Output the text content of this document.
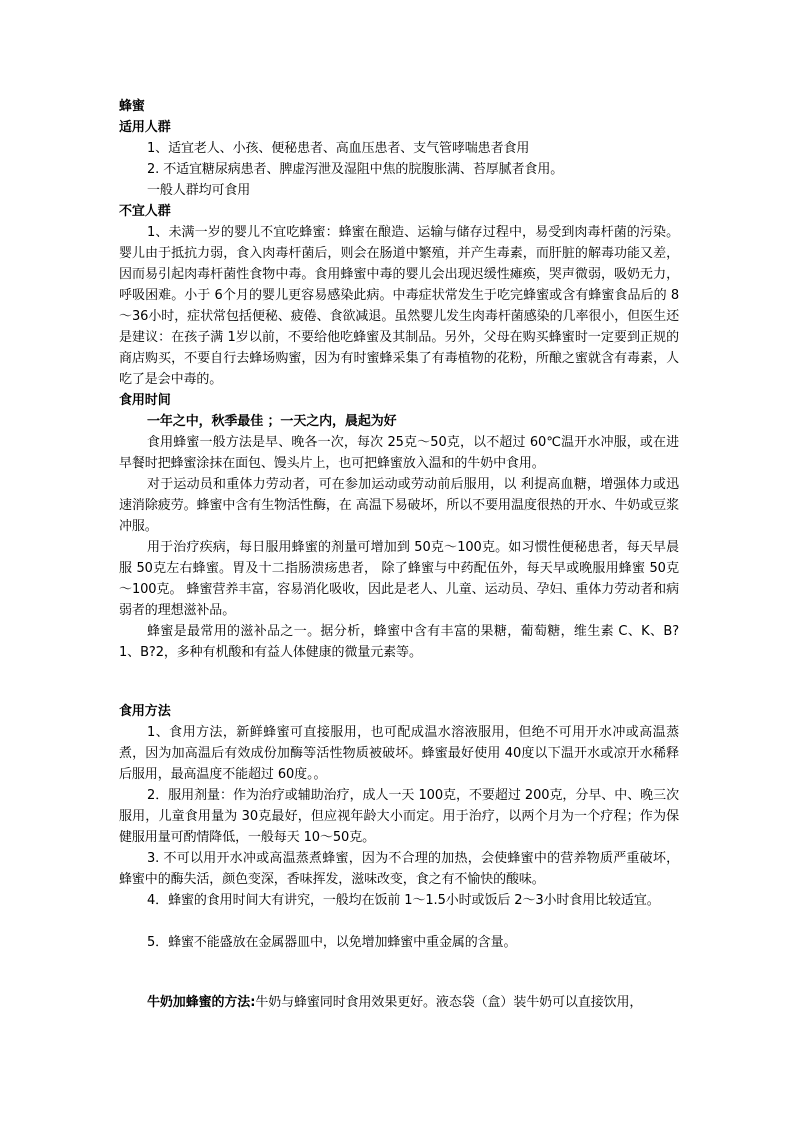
蜂蜜
适用人群
1、适宜老人、小孩、便秘患者、高血压患者、支气管哮喘患者食用
2. 不适宜糖尿病患者、脾虚泻泄及湿阻中焦的脘腹胀满、苔厚腻者食用。
一般人群均可食用
不宜人群
1、未满一岁的婴儿不宜吃蜂蜜：蜂蜜在酿造、运输与储存过程中，易受到肉毒杆菌的污染。婴儿由于抵抗力弱，食入肉毒杆菌后，则会在肠道中繁殖，并产生毒素，而肝脏的解毒功能又差，因而易引起肉毒杆菌性食物中毒。食用蜂蜜中毒的婴儿会出现迟缓性瘫痪，哭声微弱，吸奶无力，呼吸困难。小于 6个月的婴儿更容易感染此病。中毒症状常发生于吃完蜂蜜或含有蜂蜜食品后的 8～36小时，症状常包括便秘、疲倦、食欲减退。虽然婴儿发生肉毒杆菌感染的几率很小，但医生还是建议：在孩子满 1岁以前，不要给他吃蜂蜜及其制品。另外，父母在购买蜂蜜时一定要到正规的商店购买，不要自行去蜂场购蜜，因为有时蜜蜂采集了有毒植物的花粉，所酿之蜜就含有毒素，人吃了是会中毒的。
食用时间
一年之中，秋季最佳 ；一天之内，晨起为好
食用蜂蜜一般方法是早、晚各一次，每次 25克～50克，以不超过 60℃温开水冲服，或在进早餐时把蜂蜜涂抹在面包、馒头片上，也可把蜂蜜放入温和的牛奶中食用。
对于运动员和重体力劳动者，可在参加运动或劳动前后服用，以 利提高血糖，增强体力或迅速消除疲劳。蜂蜜中含有生物活性酶，在 高温下易破坏，所以不要用温度很热的开水、牛奶或豆浆冲服。
用于治疗疾病，每日服用蜂蜜的剂量可增加到 50克～100克。如习惯性便秘患者，每天早晨服 50克左右蜂蜜。胃及十二指肠溃疡患者， 除了蜂蜜与中药配伍外，每天早或晚服用蜂蜜 50克～100克。 蜂蜜营养丰富，容易消化吸收，因此是老人、儿童、运动员、孕妇、重体力劳动者和病弱者的理想滋补品。
蜂蜜是最常用的滋补品之一。据分析，蜂蜜中含有丰富的果糖，葡萄糖，维生素 C、K、B?1、B?2，多种有机酸和有益人体健康的微量元素等。
食用方法
1、食用方法，新鲜蜂蜜可直接服用，也可配成温水溶液服用，但绝不可用开水冲或高温蒸煮，因为加高温后有效成份加酶等活性物质被破坏。蜂蜜最好使用 40度以下温开水或凉开水稀释后服用，最高温度不能超过 60度。。
2．服用剂量：作为治疗或辅助治疗，成人一天 100克，不要超过 200克，分早、中、晚三次服用，儿童食用量为 30克最好，但应视年龄大小而定。用于治疗，以两个月为一个疗程；作为保健服用量可酌情降低，一般每天 10～50克。
3. 不可以用开水冲或高温蒸煮蜂蜜，因为不合理的加热，会使蜂蜜中的营养物质严重破坏，蜂蜜中的酶失活，颜色变深，香味挥发，滋味改变，食之有不愉快的酸味。
4．蜂蜜的食用时间大有讲究，一般均在饭前 1～1.5小时或饭后 2～3小时食用比较适宜。
5．蜂蜜不能盛放在金属器皿中，以免增加蜂蜜中重金属的含量。
牛奶加蜂蜜的方法:牛奶与蜂蜜同时食用效果更好。液态袋（盒）装牛奶可以直接饮用，
